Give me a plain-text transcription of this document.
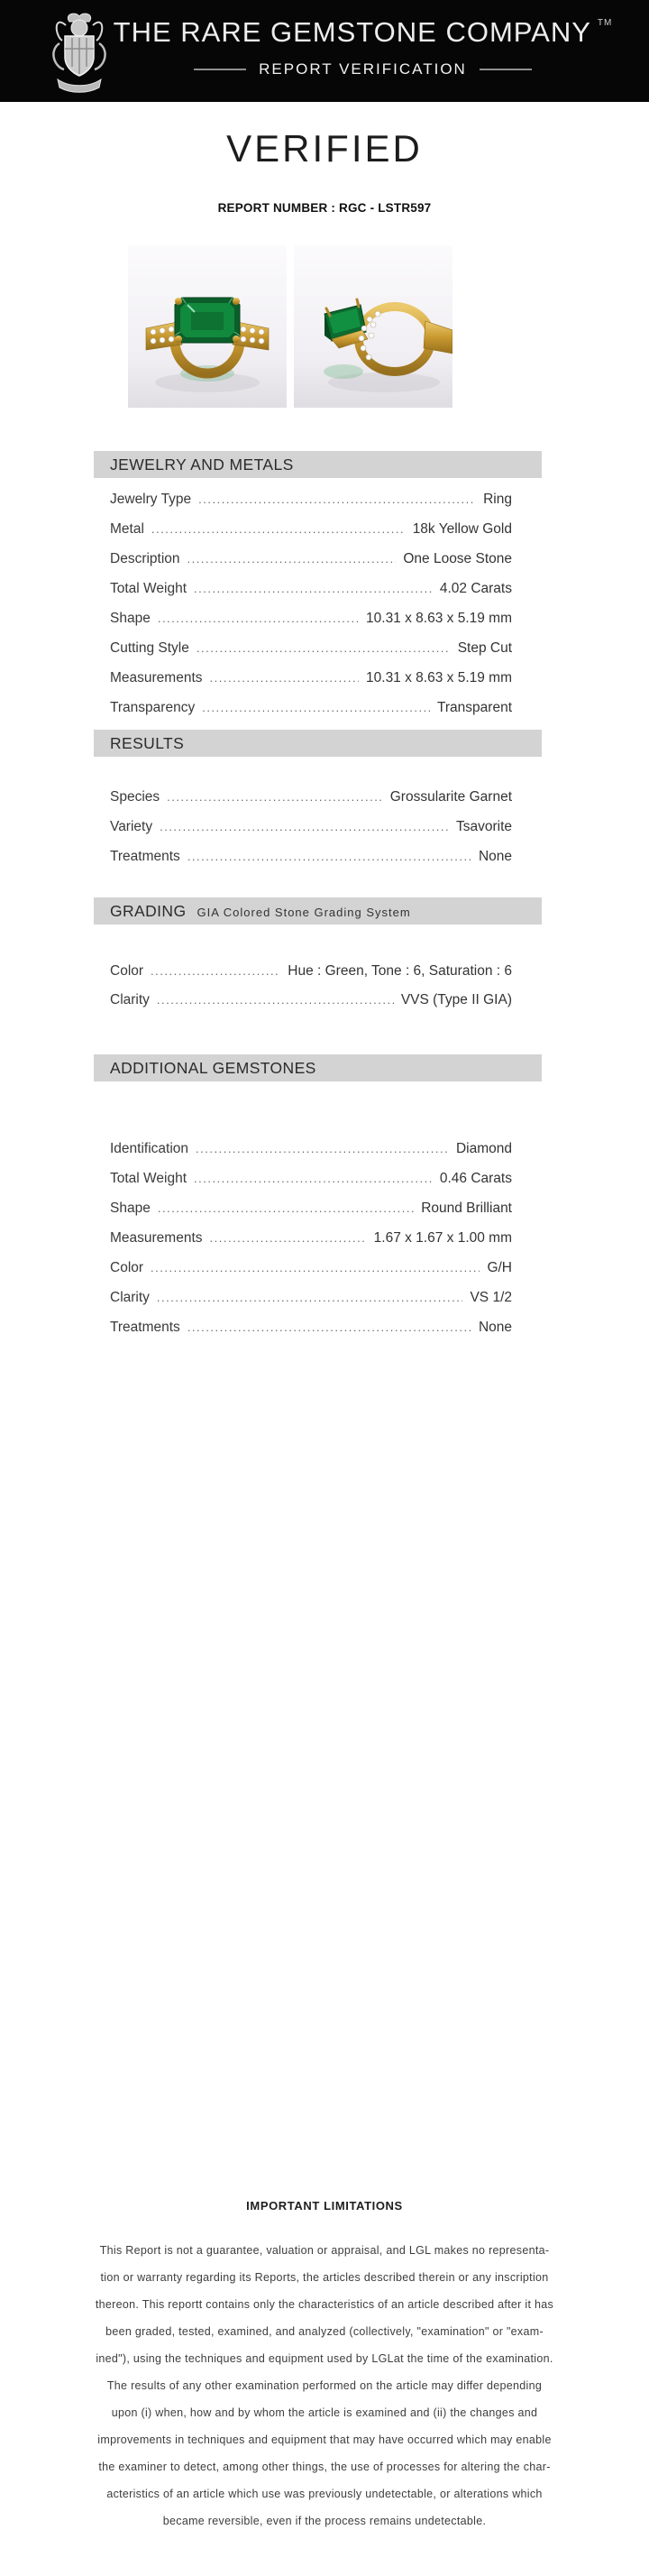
THE RARE GEMSTONE COMPANY ™
REPORT VERIFICATION
VERIFIED
REPORT NUMBER : RGC - LSTR597
JEWELRY AND METALS
Jewelry Type .....	Ring
Metal .....	18k Yellow Gold
Description .....	One Loose Stone
Total Weight .....	4.02 Carats
Shape .....	10.31 x 8.63 x 5.19 mm
Cutting Style .....	Step Cut
Measurements .....	10.31 x 8.63 x 5.19 mm
Transparency .....	Transparent
RESULTS
Species .....	Grossularite Garnet
Variety .....	Tsavorite
Treatments .....	None
GRADING GIA Colored Stone Grading System
Color .....	Hue : Green, Tone : 6, Saturation : 6
Clarity .....	VVS (Type II GIA)
ADDITIONAL GEMSTONES
Identification .....	Diamond
Total Weight .....	0.46 Carats
Shape .....	Round Brilliant
Measurements .....	1.67 x 1.67 x 1.00 mm
Color .....	G/H
Clarity .....	VS 1/2
Treatments .....	None
IMPORTANT LIMITATIONS
This Report is not a guarantee, valuation or appraisal, and LGL makes no representa-
tion or warranty regarding its Reports, the articles described therein or any inscription
thereon. This reportt contains only the characteristics of an article described after it has
been graded, tested, examined, and analyzed (collectively, "examination" or "exam-
ined"), using the techniques and equipment used by LGLat the time of the examination.
The results of any other examination performed on the article may differ depending
upon (i) when, how and by whom the article is examined and (ii) the changes and
improvements in techniques and equipment that may have occurred which may enable
the examiner to detect, among other things, the use of processes for altering the char-
acteristics of an article which use was previously undetectable, or alterations which
became reversible, even if the process remains undetectable.
